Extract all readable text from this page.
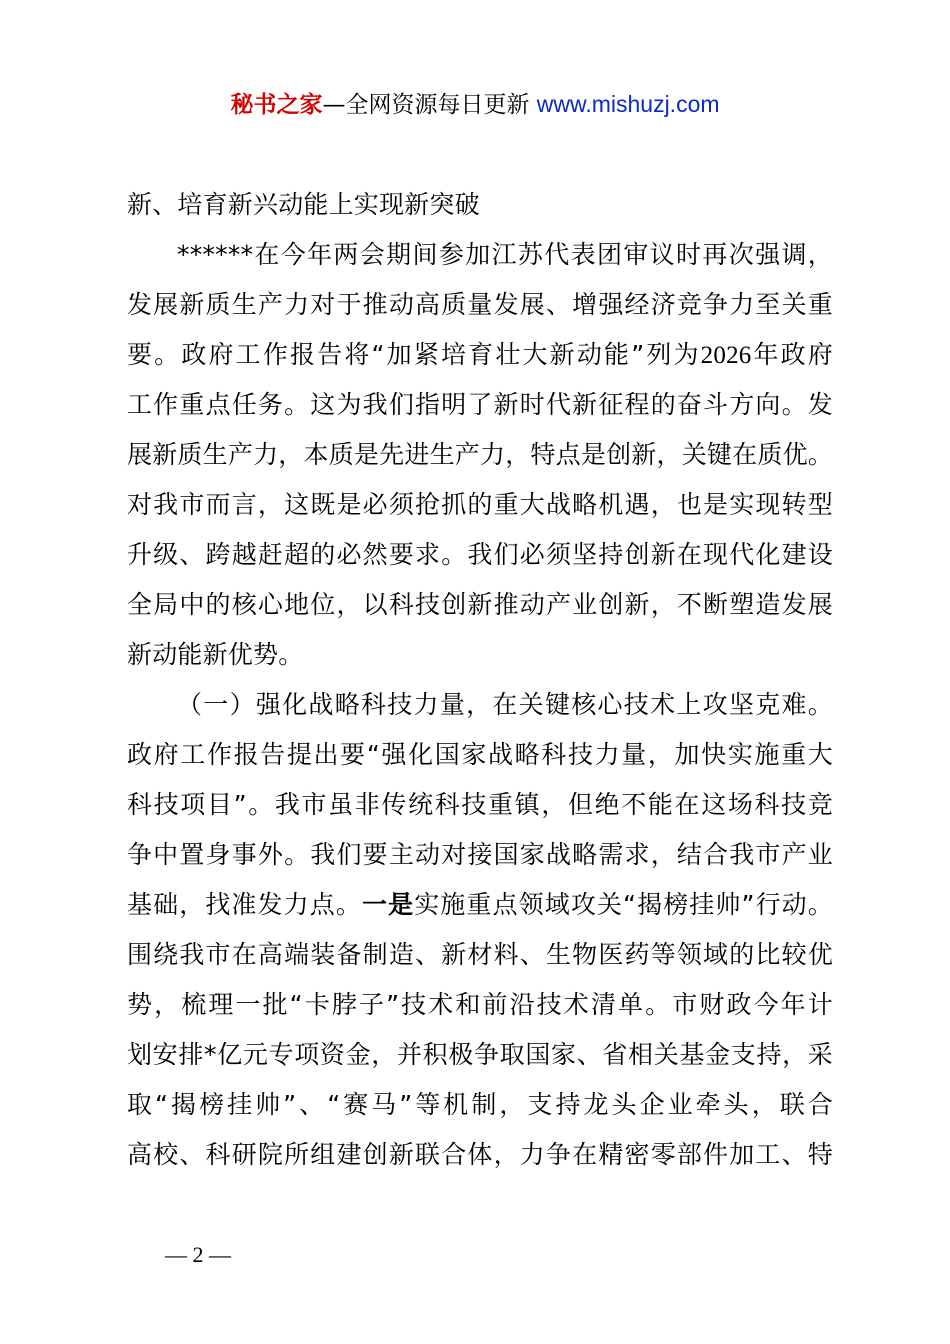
秘书之家—全网资源每日更新 www.mishuzj.com
新、培育新兴动能上实现新突破
******在今年两会期间参加江苏代表团审议时再次强调，
发展新质生产力对于推动高质量发展、增强经济竞争力至关重
要。政府工作报告将“加紧培育壮大新动能”列为2026年政府
工作重点任务。这为我们指明了新时代新征程的奋斗方向。发
展新质生产力，本质是先进生产力，特点是创新，关键在质优。
对我市而言，这既是必须抢抓的重大战略机遇，也是实现转型
升级、跨越赶超的必然要求。我们必须坚持创新在现代化建设
全局中的核心地位，以科技创新推动产业创新，不断塑造发展
新动能新优势。
（一）强化战略科技力量，在关键核心技术上攻坚克难。
政府工作报告提出要“强化国家战略科技力量，加快实施重大
科技项目”。我市虽非传统科技重镇，但绝不能在这场科技竞
争中置身事外。我们要主动对接国家战略需求，结合我市产业
基础，找准发力点。一是实施重点领域攻关“揭榜挂帅”行动。
围绕我市在高端装备制造、新材料、生物医药等领域的比较优
势，梳理一批“卡脖子”技术和前沿技术清单。市财政今年计
划安排*亿元专项资金，并积极争取国家、省相关基金支持，采
取“揭榜挂帅”、“赛马”等机制，支持龙头企业牵头，联合
高校、科研院所组建创新联合体，力争在精密零部件加工、特
— 2 —
